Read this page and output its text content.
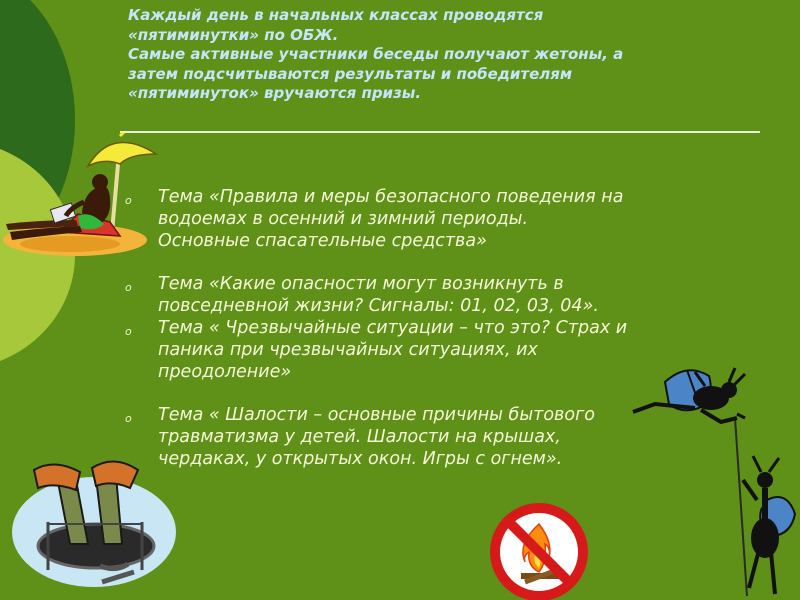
Каждый день в начальных классах проводятся
«пятиминутки» по ОБЖ.
Самые активные участники беседы получают жетоны, а
затем подсчитываются результаты и победителям
«пятиминуток» вручаются призы.
o Тема «Правила и меры безопасного поведения на
водоемах в осенний и зимний периоды.
Основные спасательные средства»
o Тема «Какие опасности могут возникнуть в
повседневной жизни? Сигналы: 01, 02, 03, 04».
o Тема « Чрезвычайные ситуации – что это? Страх и
паника при чрезвычайных ситуациях, их
преодоление»
o Тема « Шалости – основные причины бытового
травматизма у детей. Шалости на крышах,
чердаках, у открытых окон. Игры с огнем».
